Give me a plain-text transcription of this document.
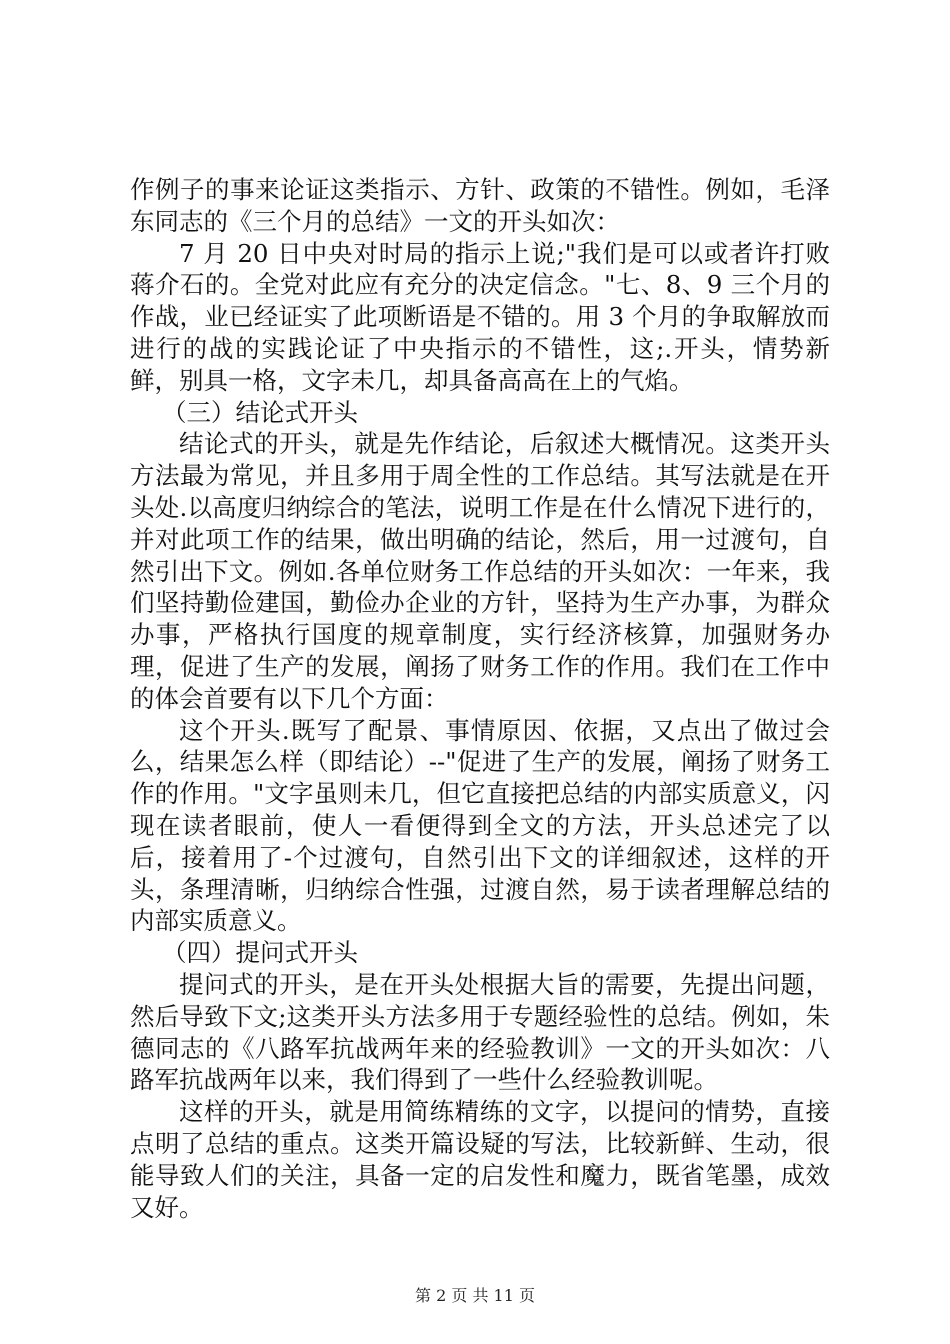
作例子的事来论证这类指示、方针、政策的不错性。例如，毛泽东同志的《三个月的总结》一文的开头如次：

7 月 20 日中央对时局的指示上说;"我们是可以或者许打败蒋介石的。全党对此应有充分的决定信念。"七、8、9 三个月的作战，业已经证实了此项断语是不错的。用 3 个月的争取解放而进行的战的实践论证了中央指示的不错性，这;.开头，情势新鲜，别具一格，文字未几，却具备高高在上的气焰。

（三）结论式开头

结论式的开头，就是先作结论，后叙述大概情况。这类开头方法最为常见，并且多用于周全性的工作总结。其写法就是在开头处.以高度归纳综合的笔法，说明工作是在什么情况下进行的，并对此项工作的结果，做出明确的结论，然后，用一过渡句，自然引出下文。例如.各单位财务工作总结的开头如次：一年来，我们坚持勤俭建国，勤俭办企业的方针，坚持为生产办事，为群众办事，严格执行国度的规章制度，实行经济核算，加强财务办理，促进了生产的发展，阐扬了财务工作的作用。我们在工作中的体会首要有以下几个方面：

这个开头.既写了配景、事情原因、依据，又点出了做过会么，结果怎么样（即结论）--"促进了生产的发展，阐扬了财务工作的作用。"文字虽则未几，但它直接把总结的内部实质意义，闪现在读者眼前，使人一看便得到全文的方法，开头总述完了以后，接着用了-个过渡句，自然引出下文的详细叙述，这样的开头，条理清晰，归纳综合性强，过渡自然，易于读者理解总结的内部实质意义。

（四）提问式开头

提问式的开头，是在开头处根据大旨的需要，先提出问题，然后导致下文;这类开头方法多用于专题经验性的总结。例如，朱德同志的《八路军抗战两年来的经验教训》一文的开头如次：八路军抗战两年以来，我们得到了一些什么经验教训呢。

这样的开头，就是用简练精练的文字，以提问的情势，直接点明了总结的重点。这类开篇设疑的写法，比较新鲜、生动，很能导致人们的关注，具备一定的启发性和魔力，既省笔墨，成效又好。

第 2 页 共 11 页
